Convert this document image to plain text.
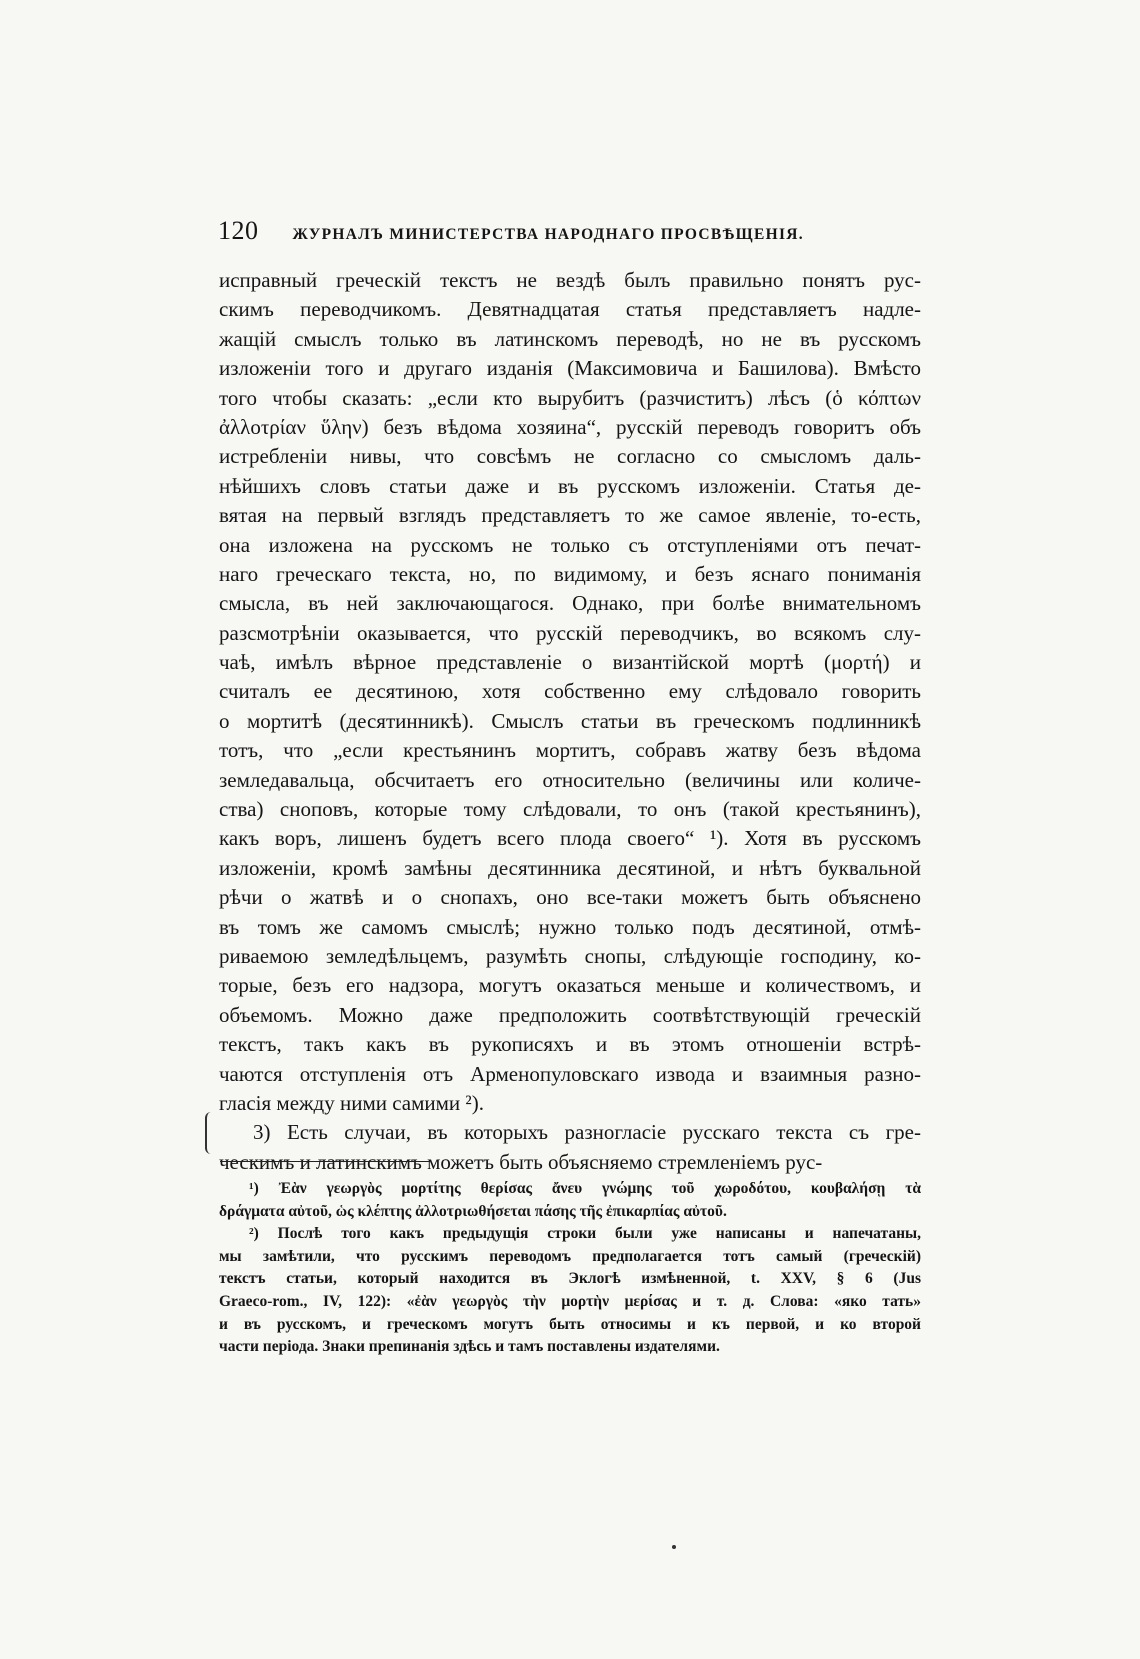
120 ЖУРНАЛЪ МИНИСТЕРСТВА НАРОДНАГО ПРОСВѢЩЕНІЯ.
исправный греческій текстъ не вездѣ былъ правильно понятъ рус-
скимъ переводчикомъ. Девятнадцатая статья представляетъ надле-
жащій смыслъ только въ латинскомъ переводѣ, но не въ русскомъ
изложеніи того и другаго изданія (Максимовича и Башилова). Вмѣсто
того чтобы сказать: „если кто вырубитъ (разчиститъ) лѣсъ (ὁ κόπτων
ἀλλοτρίαν ὕλην) безъ вѣдома хозяина“, русскій переводъ говоритъ объ
истребленіи нивы, что совсѣмъ не согласно со смысломъ даль-
нѣйшихъ словъ статьи даже и въ русскомъ изложеніи. Статья де-
вятая на первый взглядъ представляетъ то же самое явленіе, то-есть,
она изложена на русскомъ не только съ отступленіями отъ печат-
наго греческаго текста, но, по видимому, и безъ яснаго пониманія
смысла, въ ней заключающагося. Однако, при болѣе внимательномъ
разсмотрѣніи оказывается, что русскій переводчикъ, во всякомъ слу-
чаѣ, имѣлъ вѣрное представленіе о византійской мортѣ (μορτή) и
считалъ ее десятиною, хотя собственно ему слѣдовало говорить
о мортитѣ (десятинникѣ). Смыслъ статьи въ греческомъ подлинникѣ
тотъ, что „если крестьянинъ мортитъ, собравъ жатву безъ вѣдома
земледавальца, обсчитаетъ его относительно (величины или количе-
ства) сноповъ, которые тому слѣдовали, то онъ (такой крестьянинъ),
какъ воръ, лишенъ будетъ всего плода своего“ ¹). Хотя въ русскомъ
изложеніи, кромѣ замѣны десятинника десятиной, и нѣтъ буквальной
рѣчи о жатвѣ и о снопахъ, оно все-таки можетъ быть объяснено
въ томъ же самомъ смыслѣ; нужно только подъ десятиной, отмѣ-
риваемою земледѣльцемъ, разумѣть снопы, слѣдующіе господину, ко-
торые, безъ его надзора, могутъ оказаться меньше и количествомъ, и
объемомъ. Можно даже предположить соотвѣтствующій греческій
текстъ, такъ какъ въ рукописяхъ и въ этомъ отношеніи встрѣ-
чаются отступленія отъ Арменопуловскаго извода и взаимныя разно-
гласія между ними самими ²).
3) Есть случаи, въ которыхъ разногласіе русскаго текста съ гре-
ческимъ и латинскимъ можетъ быть объясняемо стремленіемъ рус-
¹) Ἐὰν γεωργὸς μορτίτης θερίσας ἄνευ γνώμης τοῦ χωροδότου, κουβαλήσῃ τὰ
δράγματα αὐτοῦ, ὡς κλέπτης ἀλλοτριωθήσεται πάσης τῆς ἐπικαρπίας αὐτοῦ.
²) Послѣ того какъ предыдущія строки были уже написаны и напечатаны,
мы замѣтили, что русскимъ переводомъ предполагается тотъ самый (греческій)
текстъ статьи, который находится въ Эклогѣ измѣненной, t. XXV, § 6 (Jus
Graeco-rom., IV, 122): «ἐὰν γεωργὸς τὴν μορτὴν μερίσας и т. д. Слова: «яко тать»
и въ русскомъ, и греческомъ могутъ быть относимы и къ первой, и ко второй
части періода. Знаки препинанія здѣсь и тамъ поставлены издателями.
